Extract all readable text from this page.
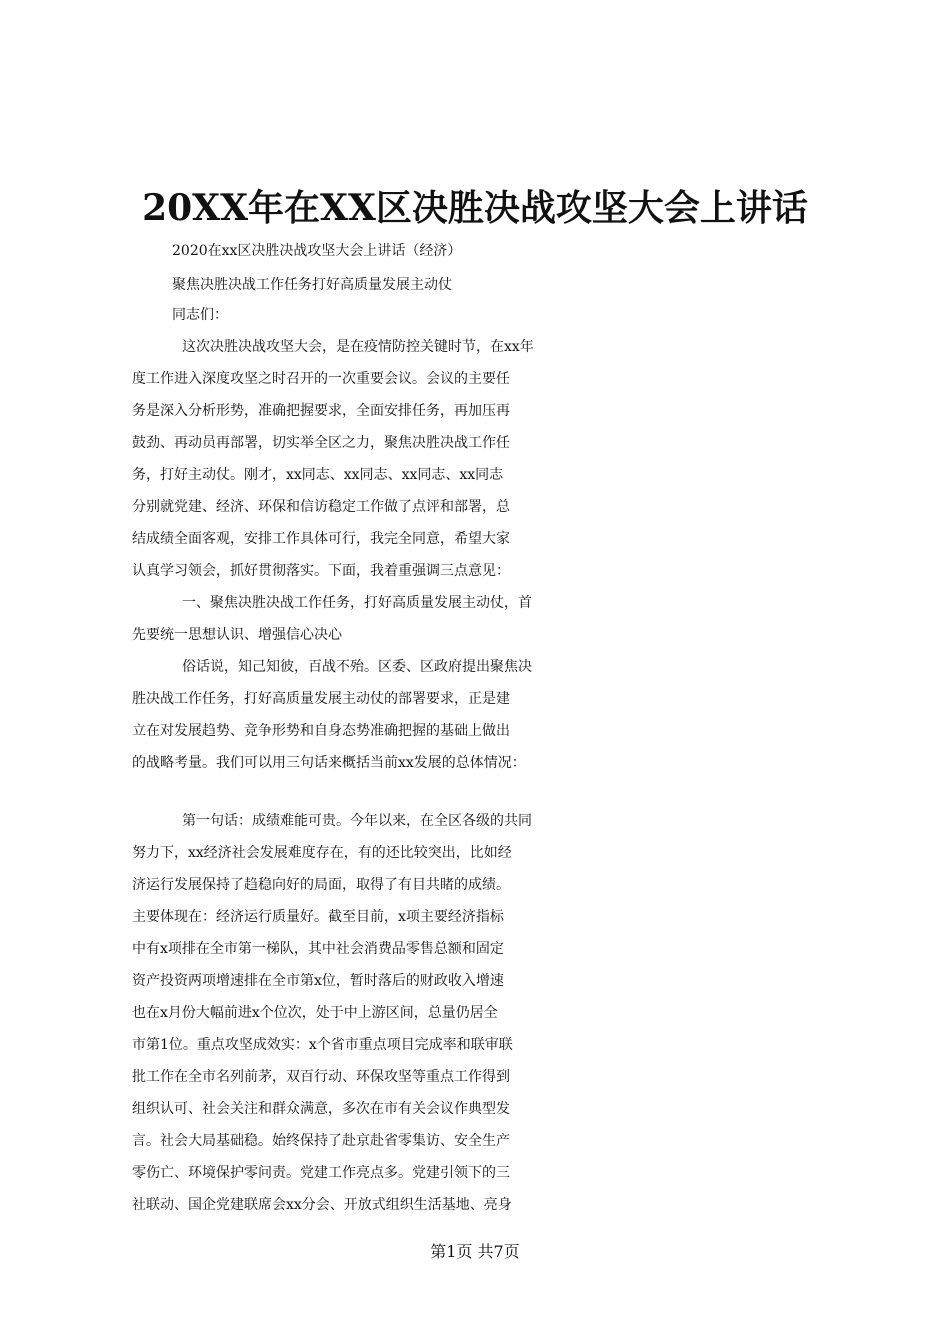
20XX年在XX区决胜决战攻坚大会上讲话
2020在xx区决胜决战攻坚大会上讲话（经济）
聚焦决胜决战工作任务打好高质量发展主动仗
同志们：
这次决胜决战攻坚大会，是在疫情防控关键时节，在xx年
度工作进入深度攻坚之时召开的一次重要会议。会议的主要任
务是深入分析形势，准确把握要求，全面安排任务，再加压再
鼓劲、再动员再部署，切实举全区之力，聚焦决胜决战工作任
务，打好主动仗。刚才，xx同志、xx同志、xx同志、xx同志
分别就党建、经济、环保和信访稳定工作做了点评和部署，总
结成绩全面客观，安排工作具体可行，我完全同意，希望大家
认真学习领会，抓好贯彻落实。下面，我着重强调三点意见：
一、聚焦决胜决战工作任务，打好高质量发展主动仗，首
先要统一思想认识、增强信心决心
俗话说，知己知彼，百战不殆。区委、区政府提出聚焦决
胜决战工作任务，打好高质量发展主动仗的部署要求，正是建
立在对发展趋势、竞争形势和自身态势准确把握的基础上做出
的战略考量。我们可以用三句话来概括当前xx发展的总体情况：
第一句话：成绩难能可贵。今年以来，在全区各级的共同
努力下，xx经济社会发展难度存在，有的还比较突出，比如经
济运行发展保持了趋稳向好的局面，取得了有目共睹的成绩。
主要体现在：经济运行质量好。截至目前，x项主要经济指标
中有x项排在全市第一梯队，其中社会消费品零售总额和固定
资产投资两项增速排在全市第x位，暂时落后的财政收入增速
也在x月份大幅前进x个位次，处于中上游区间，总量仍居全
市第1位。重点攻坚成效实：x个省市重点项目完成率和联审联
批工作在全市名列前茅，双百行动、环保攻坚等重点工作得到
组织认可、社会关注和群众满意，多次在市有关会议作典型发
言。社会大局基础稳。始终保持了赴京赴省零集访、安全生产
零伤亡、环境保护零问责。党建工作亮点多。党建引领下的三
社联动、国企党建联席会xx分会、开放式组织生活基地、亮身
第1页 共7页
